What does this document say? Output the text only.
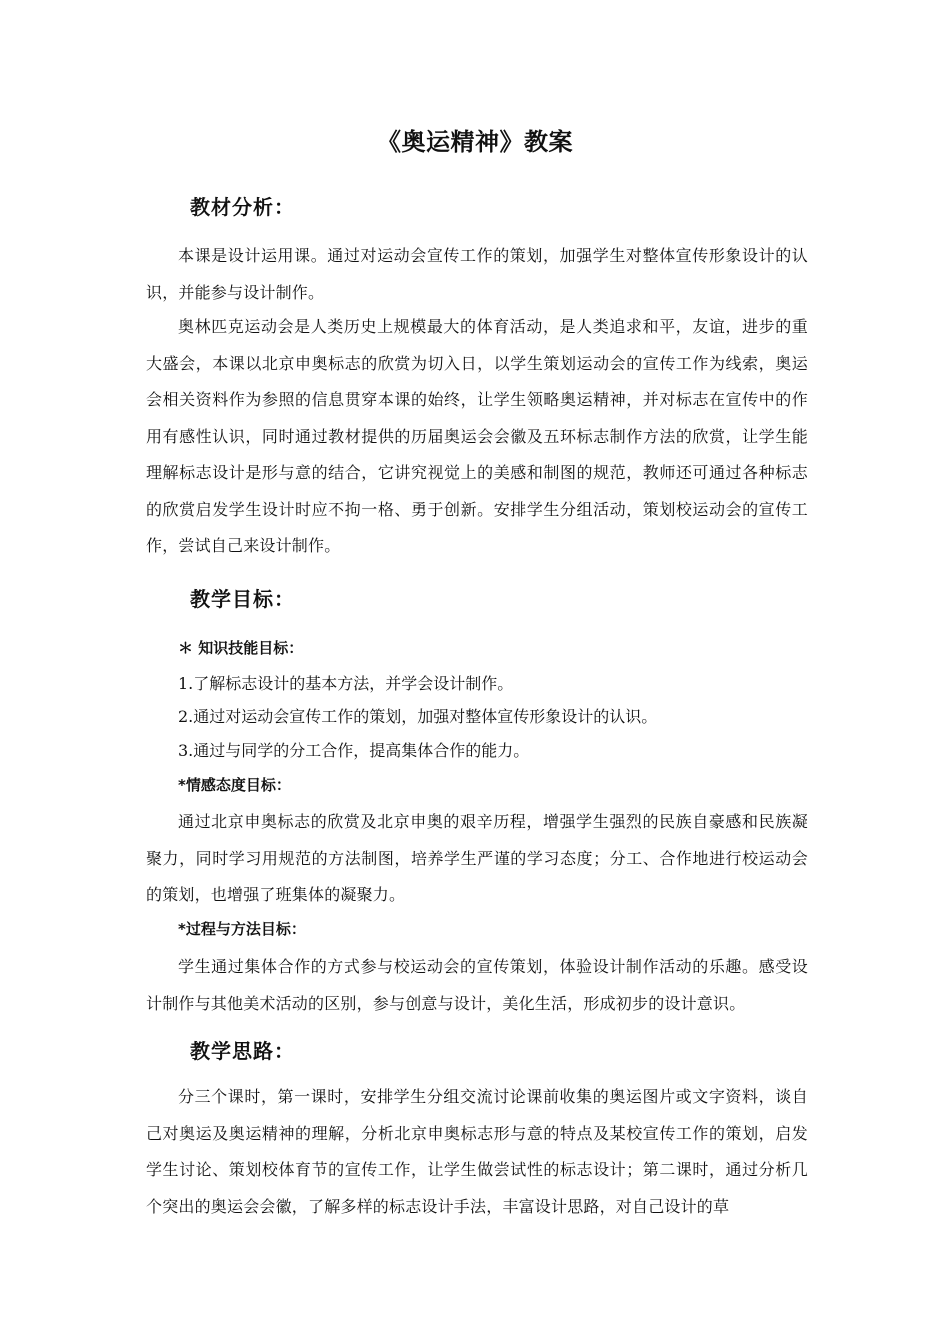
《奥运精神》教案
教材分析：
本课是设计运用课。通过对运动会宣传工作的策划，加强学生对整体宣传形象设计的认识，并能参与设计制作。
奥林匹克运动会是人类历史上规模最大的体育活动，是人类追求和平，友谊，进步的重大盛会，本课以北京申奥标志的欣赏为切入日，以学生策划运动会的宣传工作为线索，奥运会相关资料作为参照的信息贯穿本课的始终，让学生领略奥运精神，并对标志在宣传中的作用有感性认识，同时通过教材提供的历届奥运会会徽及五环标志制作方法的欣赏，让学生能理解标志设计是形与意的结合，它讲究视觉上的美感和制图的规范，教师还可通过各种标志的欣赏启发学生设计时应不拘一格、勇于创新。安排学生分组活动，策划校运动会的宣传工作，尝试自己来设计制作。
教学目标：
＊ 知识技能目标：
1.了解标志设计的基本方法，并学会设计制作。
2.通过对运动会宣传工作的策划，加强对整体宣传形象设计的认识。
3.通过与同学的分工合作，提高集体合作的能力。
*情感态度目标：
通过北京申奥标志的欣赏及北京申奥的艰辛历程，增强学生强烈的民族自豪感和民族凝聚力，同时学习用规范的方法制图，培养学生严谨的学习态度；分工、合作地进行校运动会的策划，也增强了班集体的凝聚力。
*过程与方法目标：
学生通过集体合作的方式参与校运动会的宣传策划，体验设计制作活动的乐趣。感受设计制作与其他美术活动的区别，参与创意与设计，美化生活，形成初步的设计意识。
教学思路：
分三个课时，第一课时，安排学生分组交流讨论课前收集的奥运图片或文字资料，谈自己对奥运及奥运精神的理解，分析北京申奥标志形与意的特点及某校宣传工作的策划，启发学生讨论、策划校体育节的宣传工作，让学生做尝试性的标志设计；第二课时，通过分析几个突出的奥运会会徽，了解多样的标志设计手法，丰富设计思路，对自己设计的草
